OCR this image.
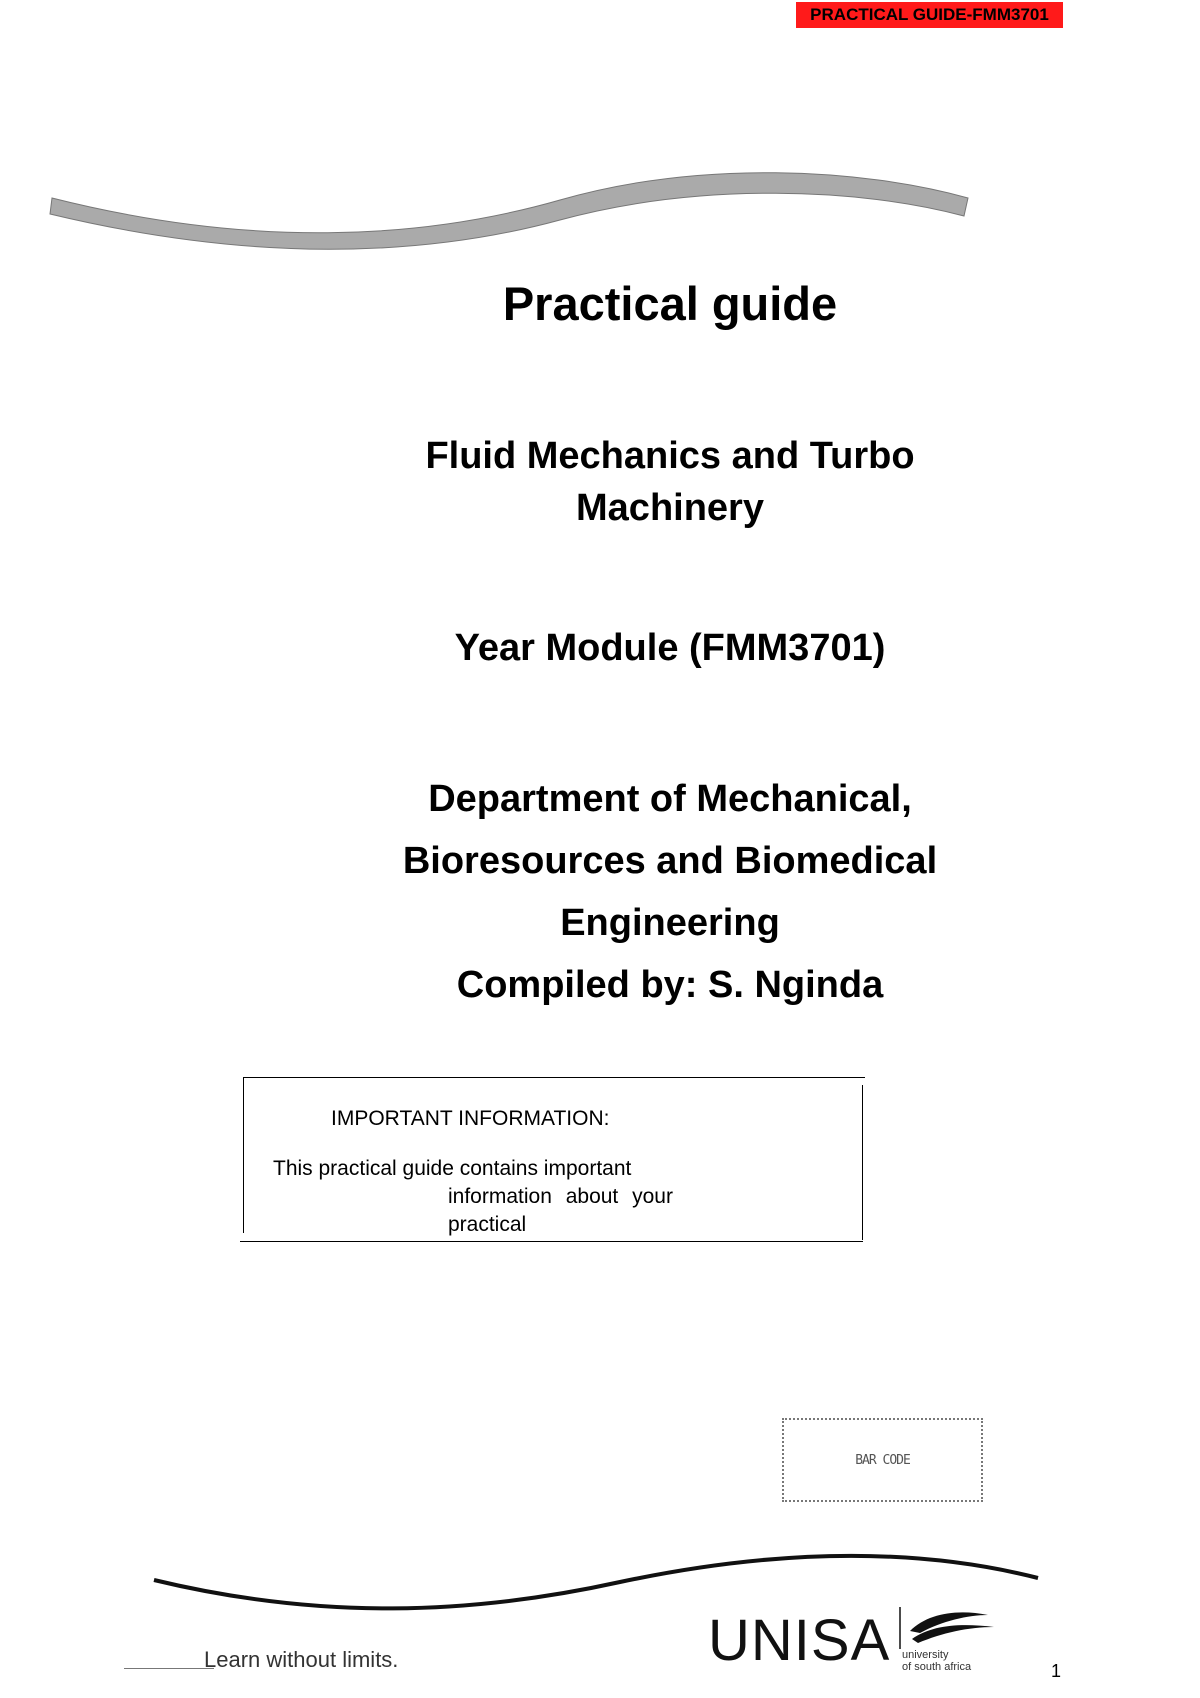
PRACTICAL GUIDE-FMM3701
Practical guide
Fluid Mechanics and Turbo
Machinery
Year Module (FMM3701)
Department of Mechanical,
Bioresources and Biomedical
Engineering
Compiled by: S. Nginda

IMPORTANT INFORMATION:

This practical guide contains important
information about your
practical
BAR CODE
Learn without limits.	UNISA university
of south africa	1
